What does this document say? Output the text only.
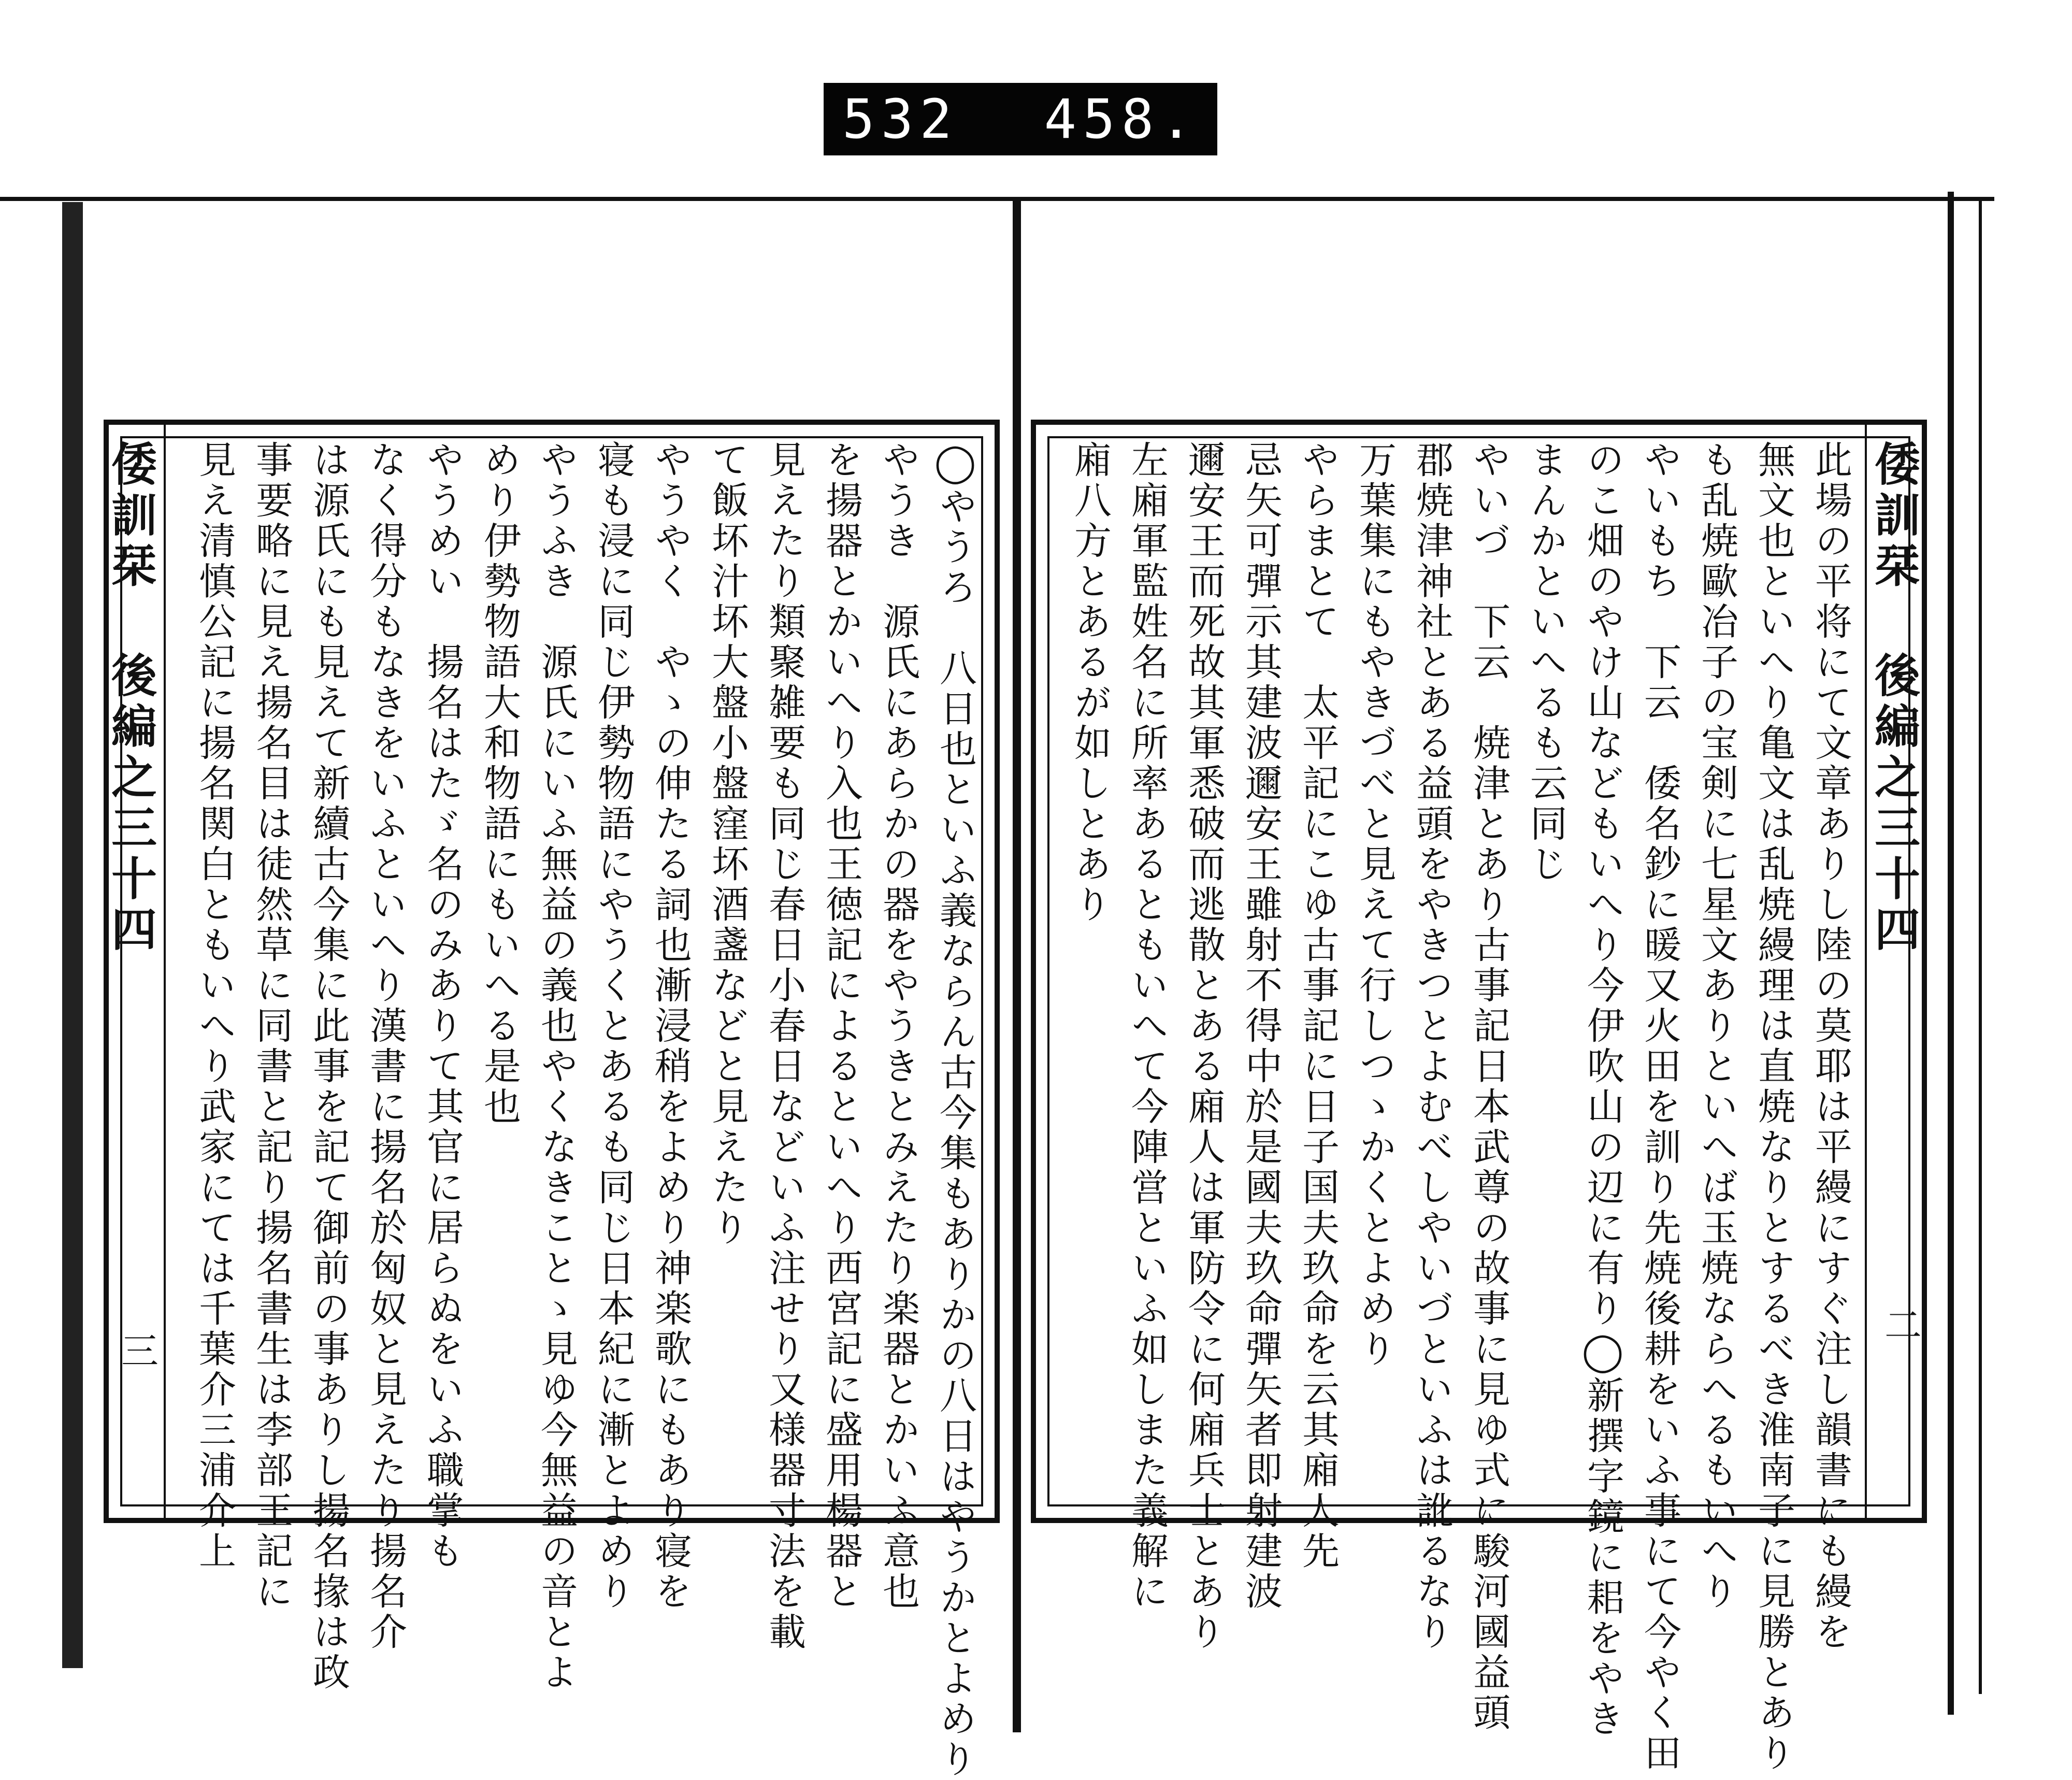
532 458.
◯やうろ　八日也といふ義ならん古今集もありかの八日はやうかとよめり
やうき　源氏にあらかの器をやうきとみえたり楽器とかいふ意也
を揚器とかいへり入也王徳記によるといへり西宮記に盛用楊器と
見えたり類聚雑要も同じ春日小春日などいふ注せり又様器寸法を載
て飯坏汁坏大盤小盤窪坏酒盞などと見えたり
やうやく　やゝの伸たる詞也漸浸稍をよめり神楽歌にもあり寝を
寝も浸に同じ伊勢物語にやうくとあるも同じ日本紀に漸とよめり
やうふき　源氏にいふ無益の義也やくなきことゝ見ゆ今無益の音とよ
めり伊勢物語大和物語にもいへる是也
やうめい　揚名はたゞ名のみありて其官に居らぬをいふ職掌も
なく得分もなきをいふといへり漢書に揚名於匈奴と見えたり揚名介
は源氏にも見えて新續古今集に此事を記て御前の事ありし揚名掾は政
事要略に見え揚名目は徒然草に同書と記り揚名書生は李部王記に
見え清慎公記に揚名関白ともいへり武家にては千葉介三浦介上
倭訓栞 後編之三十四
三
倭訓栞 後編之三十四
二
此場の平将にて文章ありし陸の莫耶は平縵にすぐ注し韻書にも縵を
無文也といへり亀文は乱焼縵理は直焼なりとするべき淮南子に見勝とあり
も乱焼歐冶子の宝剣に七星文ありといへば玉焼ならへるもいへり
やいもち　下云　倭名鈔に暖又火田を訓り先焼後耕をいふ事にて今やく田
のこ畑のやけ山などもいへり今伊吹山の辺に有り◯新撰字鏡に耜をやき
まんかといへるも云同じ
やいづ　下云　焼津とあり古事記日本武尊の故事に見ゆ式に駿河國益頭
郡焼津神社とある益頭をやきつとよむべしやいづといふは訛るなり
万葉集にもやきづべと見えて行しつゝかくとよめり
やらまとて　太平記にこゆ古事記に日子国夫玖命を云其廂人先
忌矢可彈示其建波邇安王雖射不得中於是國夫玖命彈矢者即射建波
邇安王而死故其軍悉破而逃散とある廂人は軍防令に何廂兵士とあり
左廂軍監姓名に所率あるともいへて今陣営といふ如しまた義解に
廂八方とあるが如しとあり
